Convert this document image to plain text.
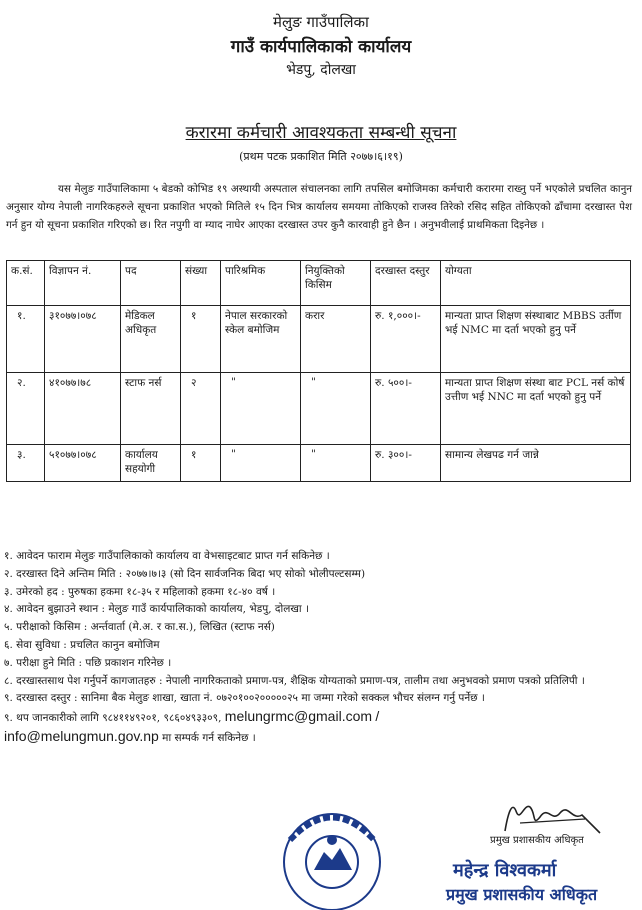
मेलुङ गाउँपालिका
गाउँ कार्यपालिकाको कार्यालय
भेडपु, दोलखा
करारमा कर्मचारी आवश्यकता सम्बन्धी सूचना
(प्रथम पटक प्रकाशित मिति २०७७।६।१९)
यस मेलुङ गाउँपालिकामा ५ बेडको कोभिड १९ अस्थायी अस्पताल संचालनका लागि तपसिल बमोजिमका कर्मचारी करारमा राख्नु पर्ने भएकोले प्रचलित कानुन अनुसार योग्य नेपाली नागरिकहरुले सूचना प्रकाशित भएको मितिले १५ दिन भित्र कार्यालय समयमा तोकिएको राजस्व तिरेको रसिद सहित तोकिएको ढाँचामा दरखास्त पेश गर्न हुन यो सूचना प्रकाशित गरिएको छ। रित नपुगी वा म्याद नाघेर आएका दरखास्त उपर कुनै कारवाही हुने छैन । अनुभवीलाई प्राथमिकता दिइनेछ ।
क.सं.	विज्ञापन नं.	पद	संख्या	पारिश्रमिक	नियुक्तिको किसिम	दरखास्त दस्तुर	योग्यता
१.	३१०७७।०७८	मेडिकल अधिकृत	१	नेपाल सरकारको स्केल बमोजिम	करार	रु. १,०००।-	मान्यता प्राप्त शिक्षण संस्थाबाट MBBS उर्तीण भई NMC मा दर्ता भएको हुनु पर्ने
२.	४१०७७।७८	स्टाफ नर्स	२	"	"	रु. ५००।-	मान्यता प्राप्त शिक्षण संस्था बाट PCL नर्स कोर्ष उत्तीण भई NNC मा दर्ता भएको हुनु पर्ने
३.	५१०७७।०७८	कार्यालय सहयोगी	१	"	"	रु. ३००।-	सामान्य लेखपढ गर्न जान्ने

१. आवेदन फाराम मेलुङ गाउँपालिकाको कार्यालय वा वेभसाइटबाट प्राप्त गर्न सकिनेछ ।

२. दरखास्त दिने अन्तिम मिति : २०७७।७।३ (सो दिन सार्वजनिक बिदा भए सोको भोलीपल्टसम्म)

३. उमेरको हद : पुरुषका हकमा १८-३५ र महिलाको हकमा १८-४० वर्ष ।

४. आवेदन बुझाउने स्थान : मेलुङ गाउँ कार्यपालिकाको कार्यालय, भेडपु, दोलखा ।

५. परीक्षाको किसिम : अर्न्तवार्ता (मे.अ. र का.स.), लिखित (स्टाफ नर्स)

६. सेवा सुविधा : प्रचलित कानुन बमोजिम

७. परीक्षा हुने मिति : पछि प्रकाशन गरिनेछ ।

८. दरखास्तसाथ पेश गर्नुपर्ने कागजातहरु : नेपाली नागरिकताको प्रमाण-पत्र, शैक्षिक योग्यताको प्रमाण-पत्र, तालीम तथा अनुभवको प्रमाण पत्रको प्रतिलिपी ।

९. दरखास्त दस्तुर : सानिमा बैक मेलुङ शाखा, खाता नं. ०७२०१००२०००००२५ मा जम्मा गरेको सक्कल भौचर संलग्न गर्नु पर्नेछ ।

९. थप जानकारीको लागि ९८४११४९२०१, ९८६०४९३३०९, melungrmc@gmail.com /
info@melungmun.gov.np मा सम्पर्क गर्न सकिनेछ ।

प्रमुख प्रशासकीय अधिकृत
महेन्द्र विश्वकर्मा
प्रमुख प्रशासकीय अधिकृत
